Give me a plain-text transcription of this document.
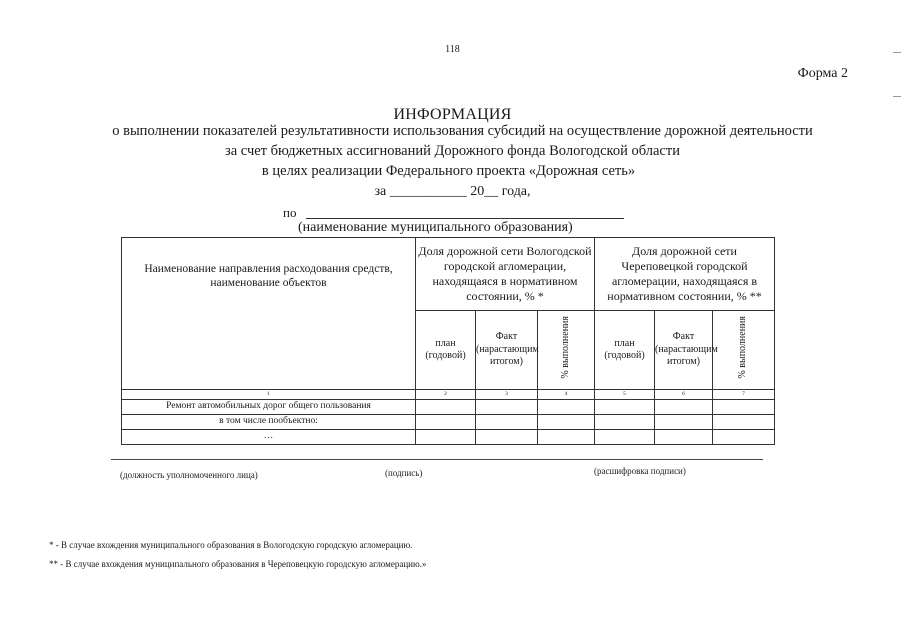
118
Форма 2
ИНФОРМАЦИЯ
о выполнении показателей результативности использования субсидий на осуществление дорожной деятельности
за счет бюджетных ассигнований Дорожного фонда Вологодской области
в целях реализации Федерального проекта «Дорожная сеть»
за ___________ 20__ года,
по
(наименование муниципального образования)
Наименование направления расходования средств, наименование объектов	Доля дорожной сети Вологодской городской агломерации, находящаяся в нормативном состоянии, % *			Доля дорожной сети Череповецкой городской агломерации, находящаяся в нормативном состоянии, % **		
	план (годовой)	Факт (нарастающим итогом)	% выполнения	план (годовой)	Факт (нарастающим итогом)	% выполнения
1	2	3	4	5	6	7
Ремонт автомобильных дорог общего пользования						
в том числе пообъектно:						
…						
(должность уполномоченного лица)	(подпись)	(расшифровка подписи)
* - В случае вхождения муниципального образования в Вологодскую городскую агломерацию.
** - В случае вхождения муниципального образования в Череповецкую городскую агломерацию.»
